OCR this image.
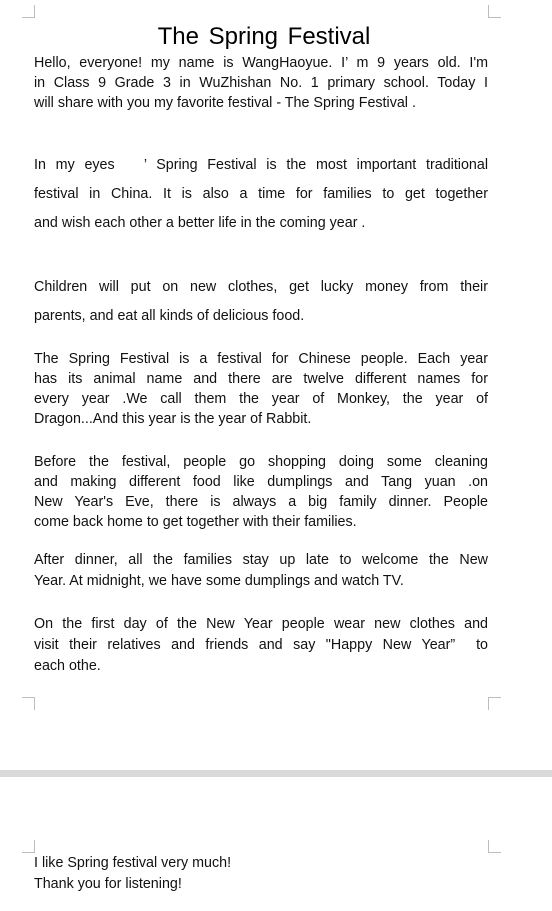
The Spring Festival

Hello, everyone! my name is WangHaoyue. I’ m 9 years old. I'm
in Class 9 Grade 3 in WuZhishan No. 1 primary school. Today I
will share with you my favorite festival - The Spring Festival .

In my eyes   ’ Spring Festival is the most important traditional
festival in China. It is also a time for families to get together
and wish each other a better life in the coming year .

Children will put on new clothes, get lucky money from their
parents, and eat all kinds of delicious food.

The Spring Festival is a festival for Chinese people. Each year
has its animal name and there are twelve different names for
every year .We call them the year of Monkey, the year of
Dragon...And this year is the year of Rabbit.

Before the festival, people go shopping doing some cleaning
and making different food like dumplings and Tang yuan .on
New Year's Eve, there is always a big family dinner. People
come back home to get together with their families.

After dinner, all the families stay up late to welcome the New
Year. At midnight, we have some dumplings and watch TV.

On the first day of the New Year people wear new clothes and
visit their relatives and friends and say "Happy New Year”  to
each othe.

I like Spring festival very much!
Thank you for listening!
